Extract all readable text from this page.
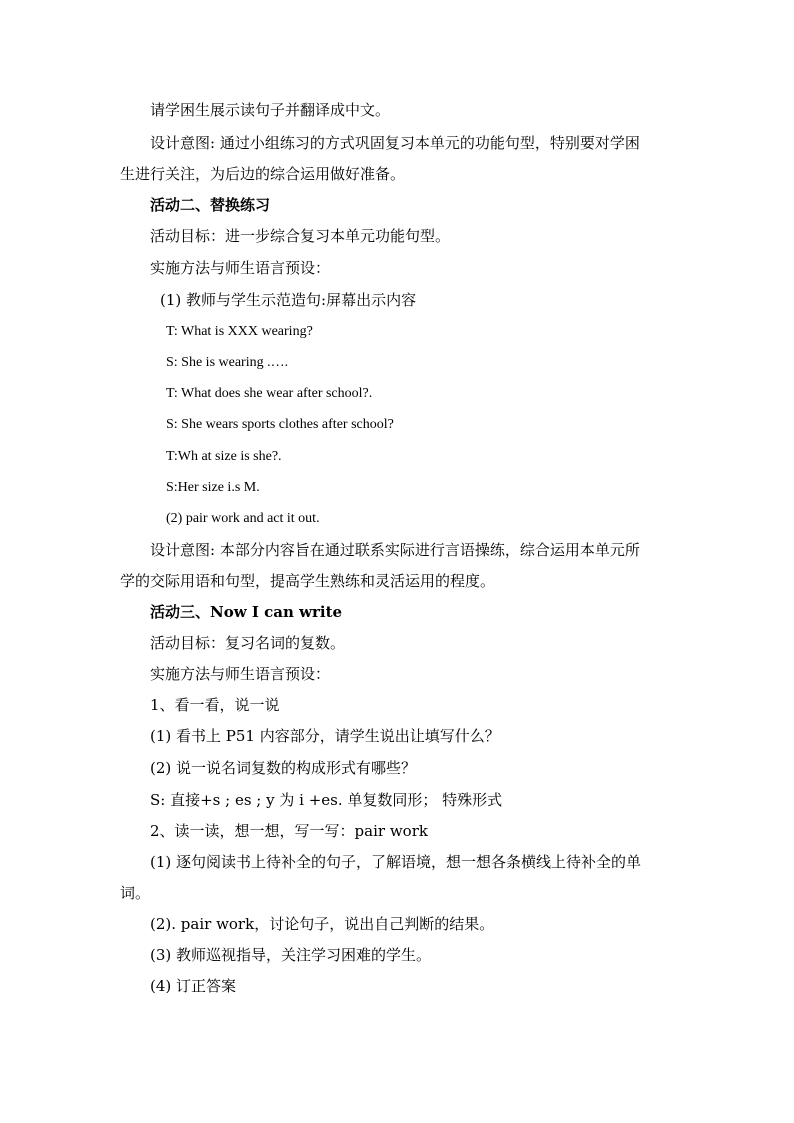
请学困生展示读句子并翻译成中文。
设计意图: 通过小组练习的方式巩固复习本单元的功能句型，特别要对学困
生进行关注，为后边的综合运用做好准备。
活动二、替换练习
活动目标：进一步综合复习本单元功能句型。
实施方法与师生语言预设：
(1) 教师与学生示范造句:屏幕出示内容
T: What is XXX wearing?
S: She is wearing .….
T: What does she wear after school?.
S: She wears sports clothes after school?
T:Wh at size is she?.
S:Her size i.s M.
(2) pair work and act it out.
设计意图: 本部分内容旨在通过联系实际进行言语操练，综合运用本单元所
学的交际用语和句型，提高学生熟练和灵活运用的程度。
活动三、Now I can write
活动目标：复习名词的复数。
实施方法与师生语言预设：
1、看一看，说一说
(1) 看书上 P51 内容部分，请学生说出让填写什么？
(2) 说一说名词复数的构成形式有哪些？
S: 直接+s ; es ; y 为 i +es. 单复数同形； 特殊形式
2、读一读，想一想，写一写：pair work
(1) 逐句阅读书上待补全的句子，了解语境，想一想各条横线上待补全的单
词。
(2). pair work，讨论句子，说出自己判断的结果。
(3) 教师巡视指导，关注学习困难的学生。
(4) 订正答案
